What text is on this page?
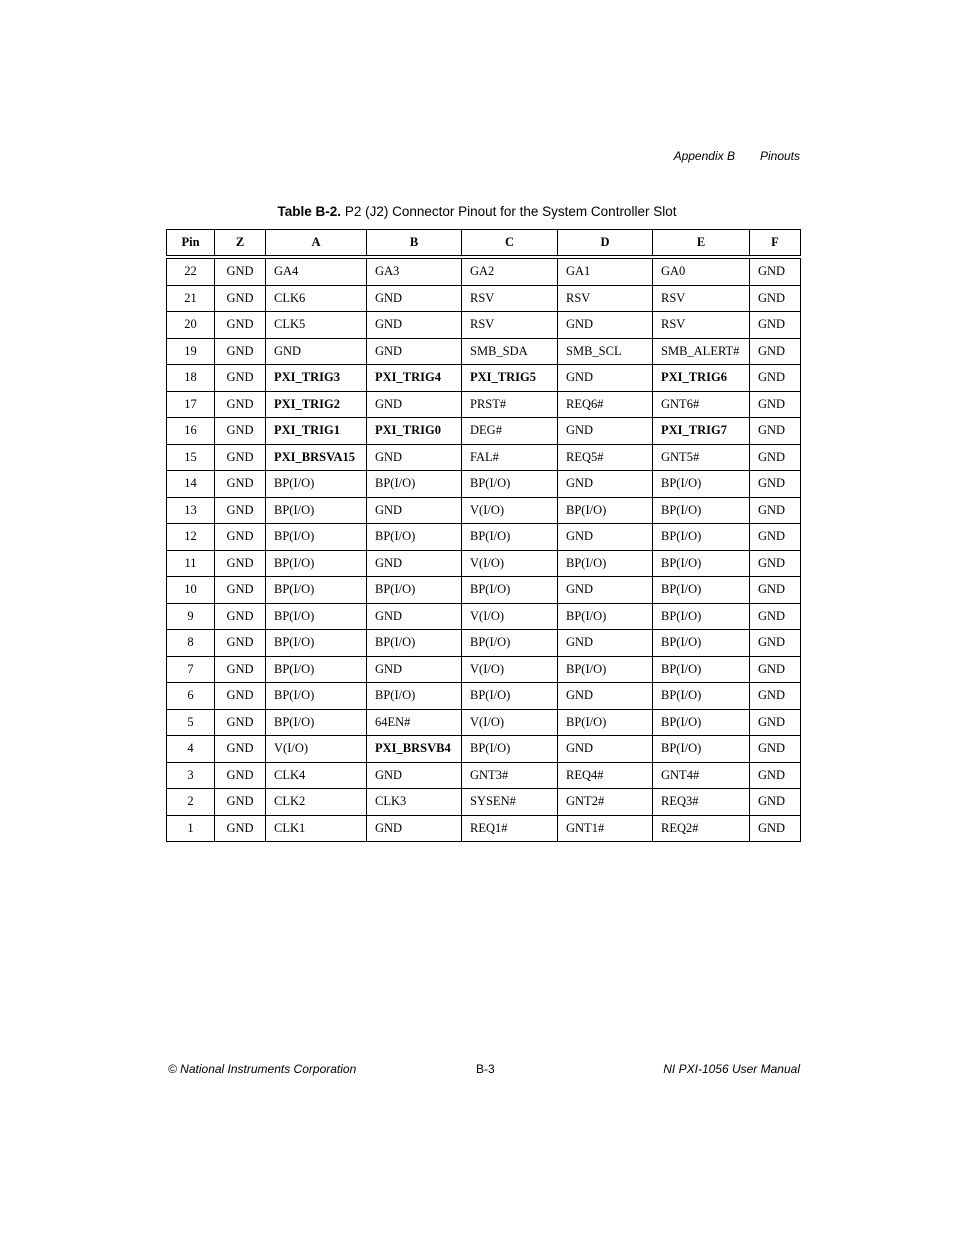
Appendix B Pinouts
Table B-2. P2 (J2) Connector Pinout for the System Controller Slot
Pin	Z	A	B	C	D	E	F
22	GND	GA4	GA3	GA2	GA1	GA0	GND
21	GND	CLK6	GND	RSV	RSV	RSV	GND
20	GND	CLK5	GND	RSV	GND	RSV	GND
19	GND	GND	GND	SMB_SDA	SMB_SCL	SMB_ALERT#	GND
18	GND	PXI_TRIG3	PXI_TRIG4	PXI_TRIG5	GND	PXI_TRIG6	GND
17	GND	PXI_TRIG2	GND	PRST#	REQ6#	GNT6#	GND
16	GND	PXI_TRIG1	PXI_TRIG0	DEG#	GND	PXI_TRIG7	GND
15	GND	PXI_BRSVA15	GND	FAL#	REQ5#	GNT5#	GND
14	GND	BP(I/O)	BP(I/O)	BP(I/O)	GND	BP(I/O)	GND
13	GND	BP(I/O)	GND	V(I/O)	BP(I/O)	BP(I/O)	GND
12	GND	BP(I/O)	BP(I/O)	BP(I/O)	GND	BP(I/O)	GND
11	GND	BP(I/O)	GND	V(I/O)	BP(I/O)	BP(I/O)	GND
10	GND	BP(I/O)	BP(I/O)	BP(I/O)	GND	BP(I/O)	GND
9	GND	BP(I/O)	GND	V(I/O)	BP(I/O)	BP(I/O)	GND
8	GND	BP(I/O)	BP(I/O)	BP(I/O)	GND	BP(I/O)	GND
7	GND	BP(I/O)	GND	V(I/O)	BP(I/O)	BP(I/O)	GND
6	GND	BP(I/O)	BP(I/O)	BP(I/O)	GND	BP(I/O)	GND
5	GND	BP(I/O)	64EN#	V(I/O)	BP(I/O)	BP(I/O)	GND
4	GND	V(I/O)	PXI_BRSVB4	BP(I/O)	GND	BP(I/O)	GND
3	GND	CLK4	GND	GNT3#	REQ4#	GNT4#	GND
2	GND	CLK2	CLK3	SYSEN#	GNT2#	REQ3#	GND
1	GND	CLK1	GND	REQ1#	GNT1#	REQ2#	GND
© National Instruments Corporation	B-3	NI PXI-1056 User Manual
